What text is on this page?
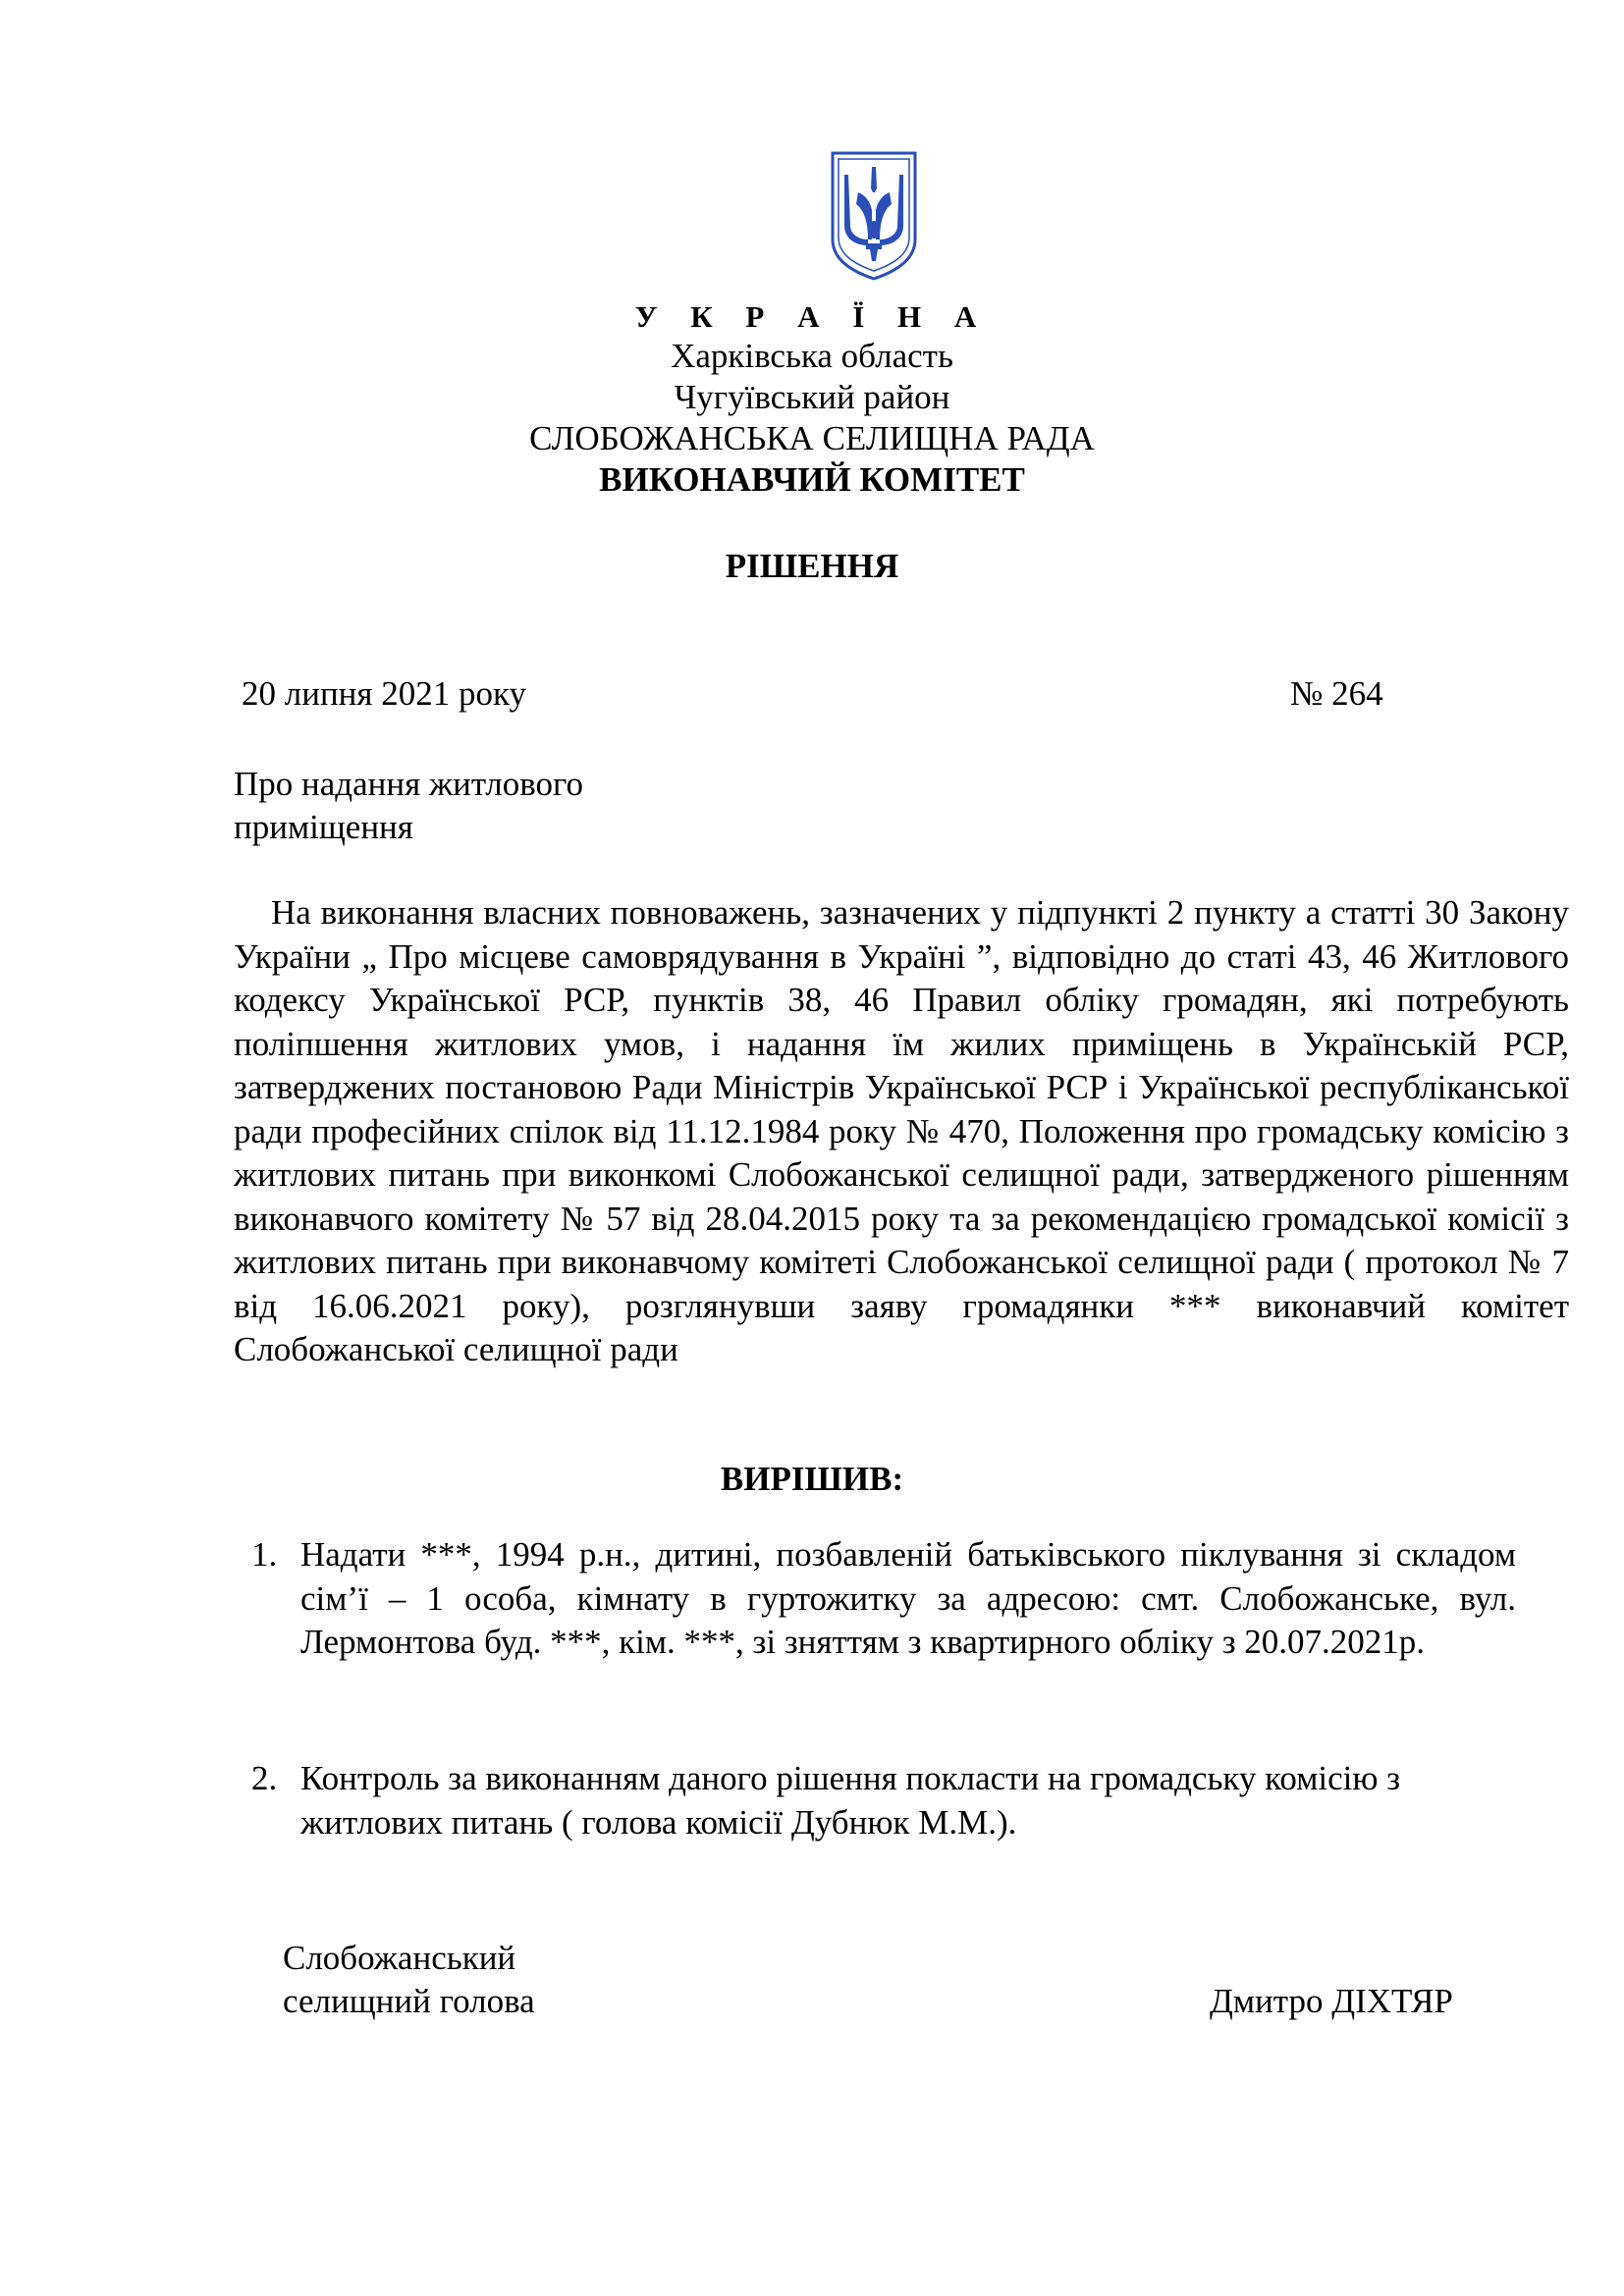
У К Р А Ї Н А
Харківська область
Чугуївський район
СЛОБОЖАНСЬКА СЕЛИЩНА РАДА
ВИКОНАВЧИЙ КОМІТЕТ
РІШЕННЯ
20 липня 2021 року	№ 264
Про надання житлового
приміщення
На виконання власних повноважень, зазначених у підпункті 2 пункту а статті 30 Закону України „ Про місцеве самоврядування в Україні ”, відповідно до статі 43, 46 Житлового кодексу Української РСР, пунктів 38, 46 Правил обліку громадян, які потребують поліпшення житлових умов, і надання їм жилих приміщень в Українській РСР, затверджених постановою Ради Міністрів Української РСР і Української республіканської ради професійних спілок від 11.12.1984 року № 470, Положення про громадську комісію з житлових питань при виконкомі Слобожанської селищної ради, затвердженого рішенням виконавчого комітету № 57 від 28.04.2015 року та за рекомендацією громадської комісії з житлових питань при виконавчому комітеті Слобожанської селищної ради ( протокол № 7 від 16.06.2021 року), розглянувши заяву громадянки *** виконавчий комітет Слобожанської селищної ради
ВИРІШИВ:
1. Надати ***, 1994 р.н., дитині, позбавленій батьківського піклування зі складом сім’ї – 1 особа, кімнату в гуртожитку за адресою: смт. Слобожанське, вул. Лермонтова буд. ***, кім. ***, зі зняттям з квартирного обліку з 20.07.2021р.
2. Контроль за виконанням даного рішення покласти на громадську комісію з житлових питань ( голова комісії Дубнюк М.М.).
Слобожанський
селищний голова	Дмитро ДІХТЯР
